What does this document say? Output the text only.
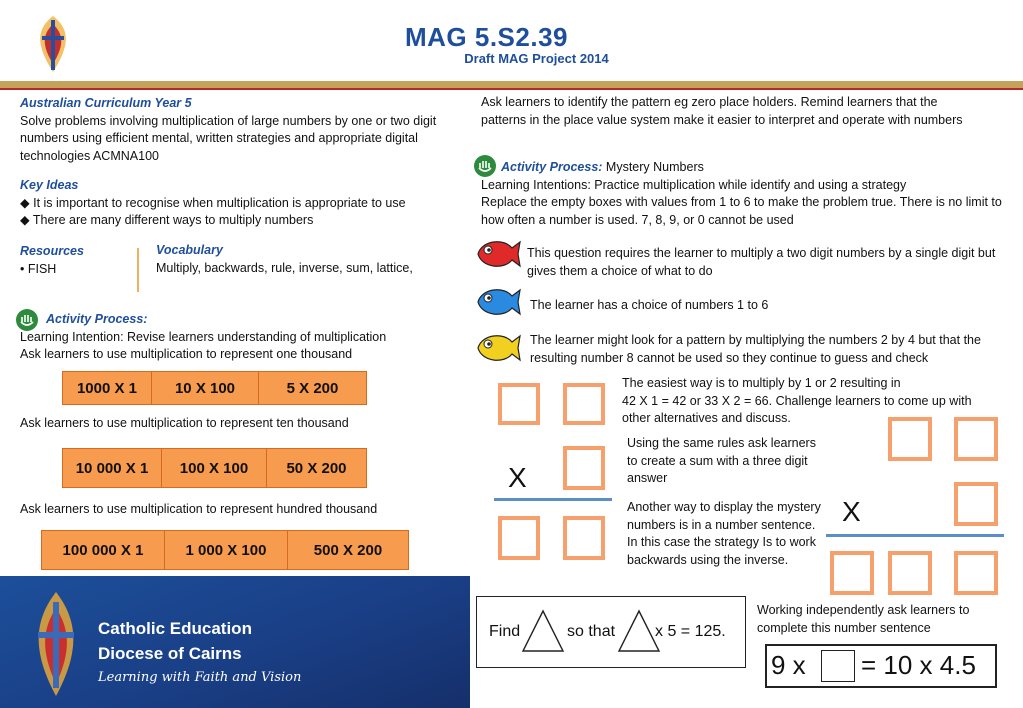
MAG 5.S2.39
Draft MAG Project 2014
Australian Curriculum Year 5
Solve problems involving multiplication of large numbers by one or two digit numbers using efficient mental, written strategies and appropriate digital technologies ACMNA100
Key Ideas
◆ It is important to recognise when multiplication is appropriate to use
◆ There are many different ways to multiply numbers
Resources
• FISH
Vocabulary
Multiply, backwards, rule, inverse, sum, lattice,
Activity Process:
Learning Intention: Revise learners understanding of multiplication
Ask learners to use multiplication to represent one thousand
1000 X 1	10 X 100	5 X 200
Ask learners to use multiplication to represent ten thousand
10 000 X 1	100 X 100	50 X 200
Ask learners to use multiplication to represent hundred thousand
100 000 X 1	1 000 X 100	500 X 200
Catholic Education
Diocese of Cairns
Learning with Faith and Vision
Ask learners to identify the pattern eg zero place holders. Remind learners that the patterns in the place value system make it easier to interpret and operate with numbers
Activity Process: Mystery Numbers
Learning Intentions: Practice multiplication while identify and using a strategy
Replace the empty boxes with values from 1 to 6 to make the problem true. There is no limit to how often a number is used. 7, 8, 9, or 0 cannot be used
This question requires the learner to multiply a two digit numbers by a single digit but gives them a choice of what to do
The learner has a choice of numbers 1 to 6
The learner might look for a pattern by multiplying the numbers 2 by 4 but that the resulting number 8 cannot be used so they continue to guess and check
X
The easiest way is to multiply by 1 or 2 resulting in
42 X 1 = 42 or 33 X 2 = 66. Challenge learners to come up with other alternatives and discuss.
Using the same rules ask learners to create a sum with a three digit answer
Another way to display the mystery numbers is in a number sentence. In this case the strategy Is to work backwards using the inverse.
X
Find	so that x 5 = 125.
Working independently ask learners to complete this number sentence
9 x = 10 x 4.5
